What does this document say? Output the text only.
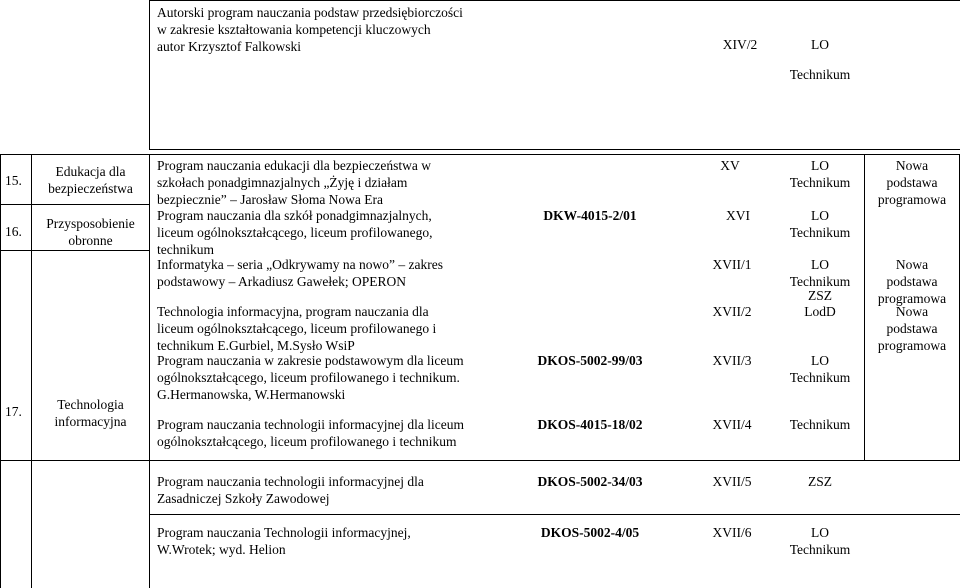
Autorski program nauczania podstaw przedsiębiorczości
w zakresie kształtowania kompetencji kluczowych
autor Krzysztof Falkowski	XIV/2	LO
Technikum
15.
16.
17.
Edukacja dla
bezpieczeństwa
Przysposobienie
obronne
Technologia
informacyjna
Program nauczania edukacji dla bezpieczeństwa w
szkołach ponadgimnazjalnych „Żyję i działam
bezpiecznie” – Jarosław Słoma Nowa Era
Program nauczania dla szkół ponadgimnazjalnych,
liceum ogólnokształcącego, liceum profilowanego,
technikum
Informatyka – seria „Odkrywamy na nowo” – zakres
podstawowy – Arkadiusz Gawełek; OPERON
Technologia informacyjna, program nauczania dla
liceum ogólnokształcącego, liceum profilowanego i
technikum E.Gurbiel, M.Sysło WsiP
Program nauczania w zakresie podstawowym dla liceum
ogólnokształcącego, liceum profilowanego i technikum.
G.Hermanowska, W.Hermanowski
Program nauczania technologii informacyjnej dla liceum
ogólnokształcącego, liceum profilowanego i technikum
Program nauczania technologii informacyjnej dla
Zasadniczej Szkoły Zawodowej
Program nauczania Technologii informacyjnej,
W.Wrotek; wyd. Helion
DKW-4015-2/01
DKOS-5002-99/03
DKOS-4015-18/02
DKOS-5002-34/03
DKOS-5002-4/05
XV
XVI
XVII/1
XVII/2
XVII/3
XVII/4
XVII/5
XVII/6
LO
Technikum
LO
Technikum
LO
Technikum
ZSZ
LodD
LO
Technikum
Technikum
ZSZ
LO
Technikum
Nowa
podstawa
programowa
Nowa
podstawa
programowa
Nowa
podstawa
programowa
